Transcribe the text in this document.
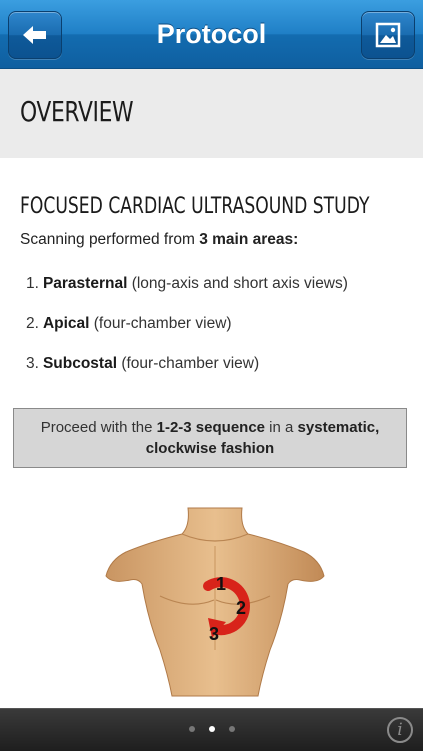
Protocol
OVERVIEW
FOCUSED CARDIAC ULTRASOUND STUDY
Scanning performed from 3 main areas:
1. Parasternal (long-axis and short axis views)
2. Apical (four-chamber view)
3. Subcostal (four-chamber view)
Proceed with the 1-2-3 sequence in a systematic,
clockwise fashion
1
2
3
i
